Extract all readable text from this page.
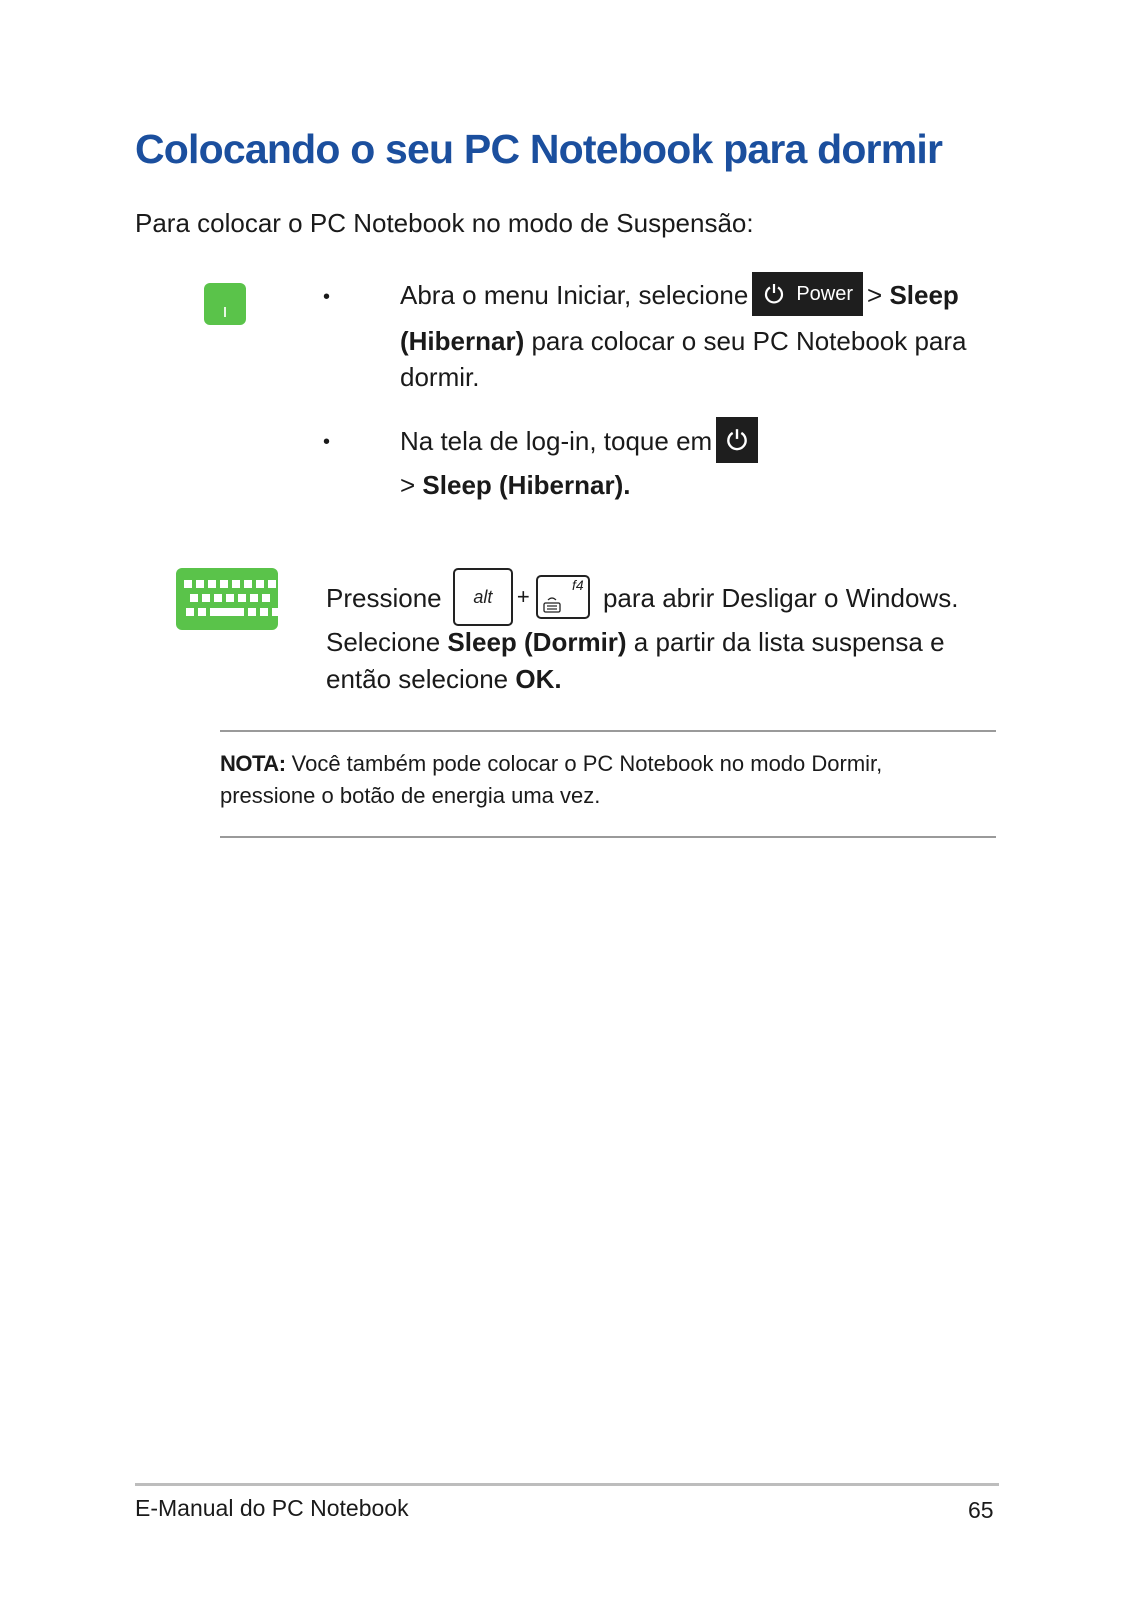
Colocando o seu PC Notebook para dormir
Para colocar o PC Notebook no modo de Suspensão:
•	Abra o menu Iniciar, selecione Power > Sleep
(Hibernar) para colocar o seu PC Notebook para
dormir.
•	Na tela de log-in, toque em
> Sleep (Hibernar).
Pressione alt +	f4 para abrir Desligar o Windows.
Selecione Sleep (Dormir) a partir da lista suspensa e
então selecione OK.
NOTA: Você também pode colocar o PC Notebook no modo Dormir,
pressione o botão de energia uma vez.
E-Manual do PC Notebook	65
